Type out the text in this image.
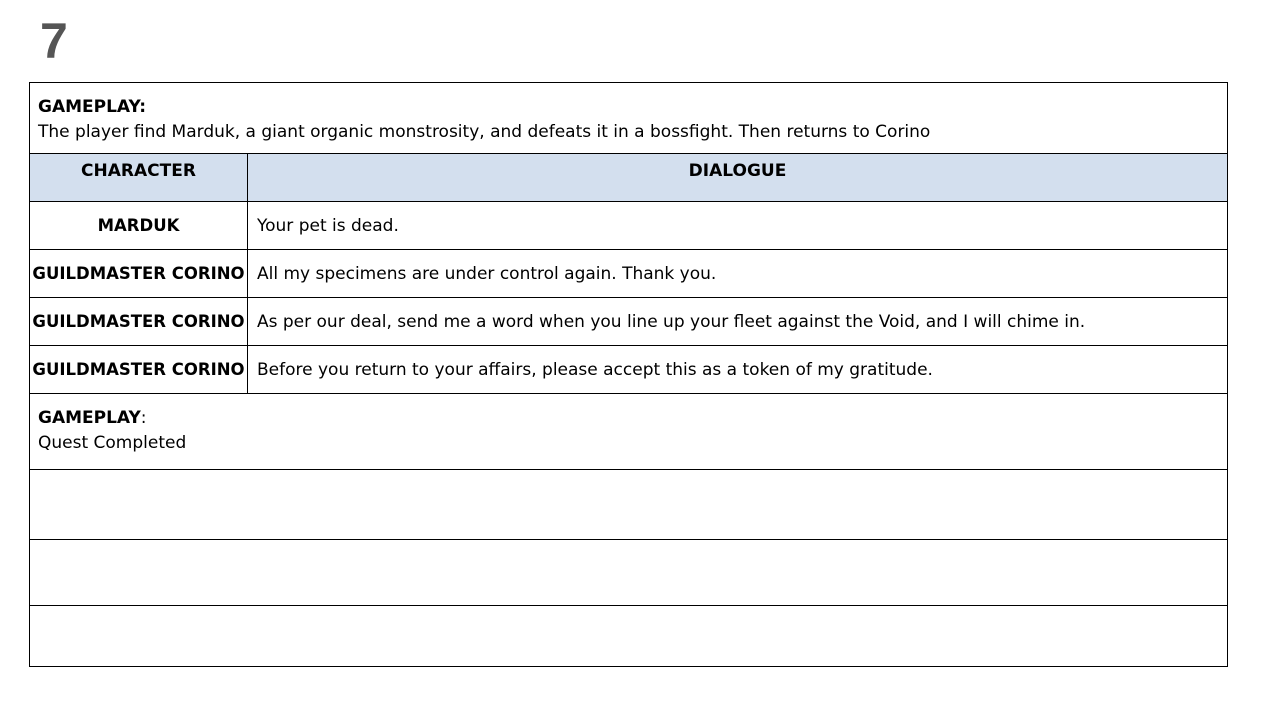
7
GAMEPLAY:
The player find Marduk, a giant organic monstrosity, and defeats it in a bossfight. Then returns to Corino	

CHARACTER	DIALOGUE
MARDUK	Your pet is dead.
GUILDMASTER CORINO	All my specimens are under control again. Thank you.
GUILDMASTER CORINO	As per our deal, send me a word when you line up your fleet against the Void, and I will chime in.
GUILDMASTER CORINO	Before you return to your affairs, please accept this as a token of my gratitude.
GAMEPLAY:
Quest Completed	
